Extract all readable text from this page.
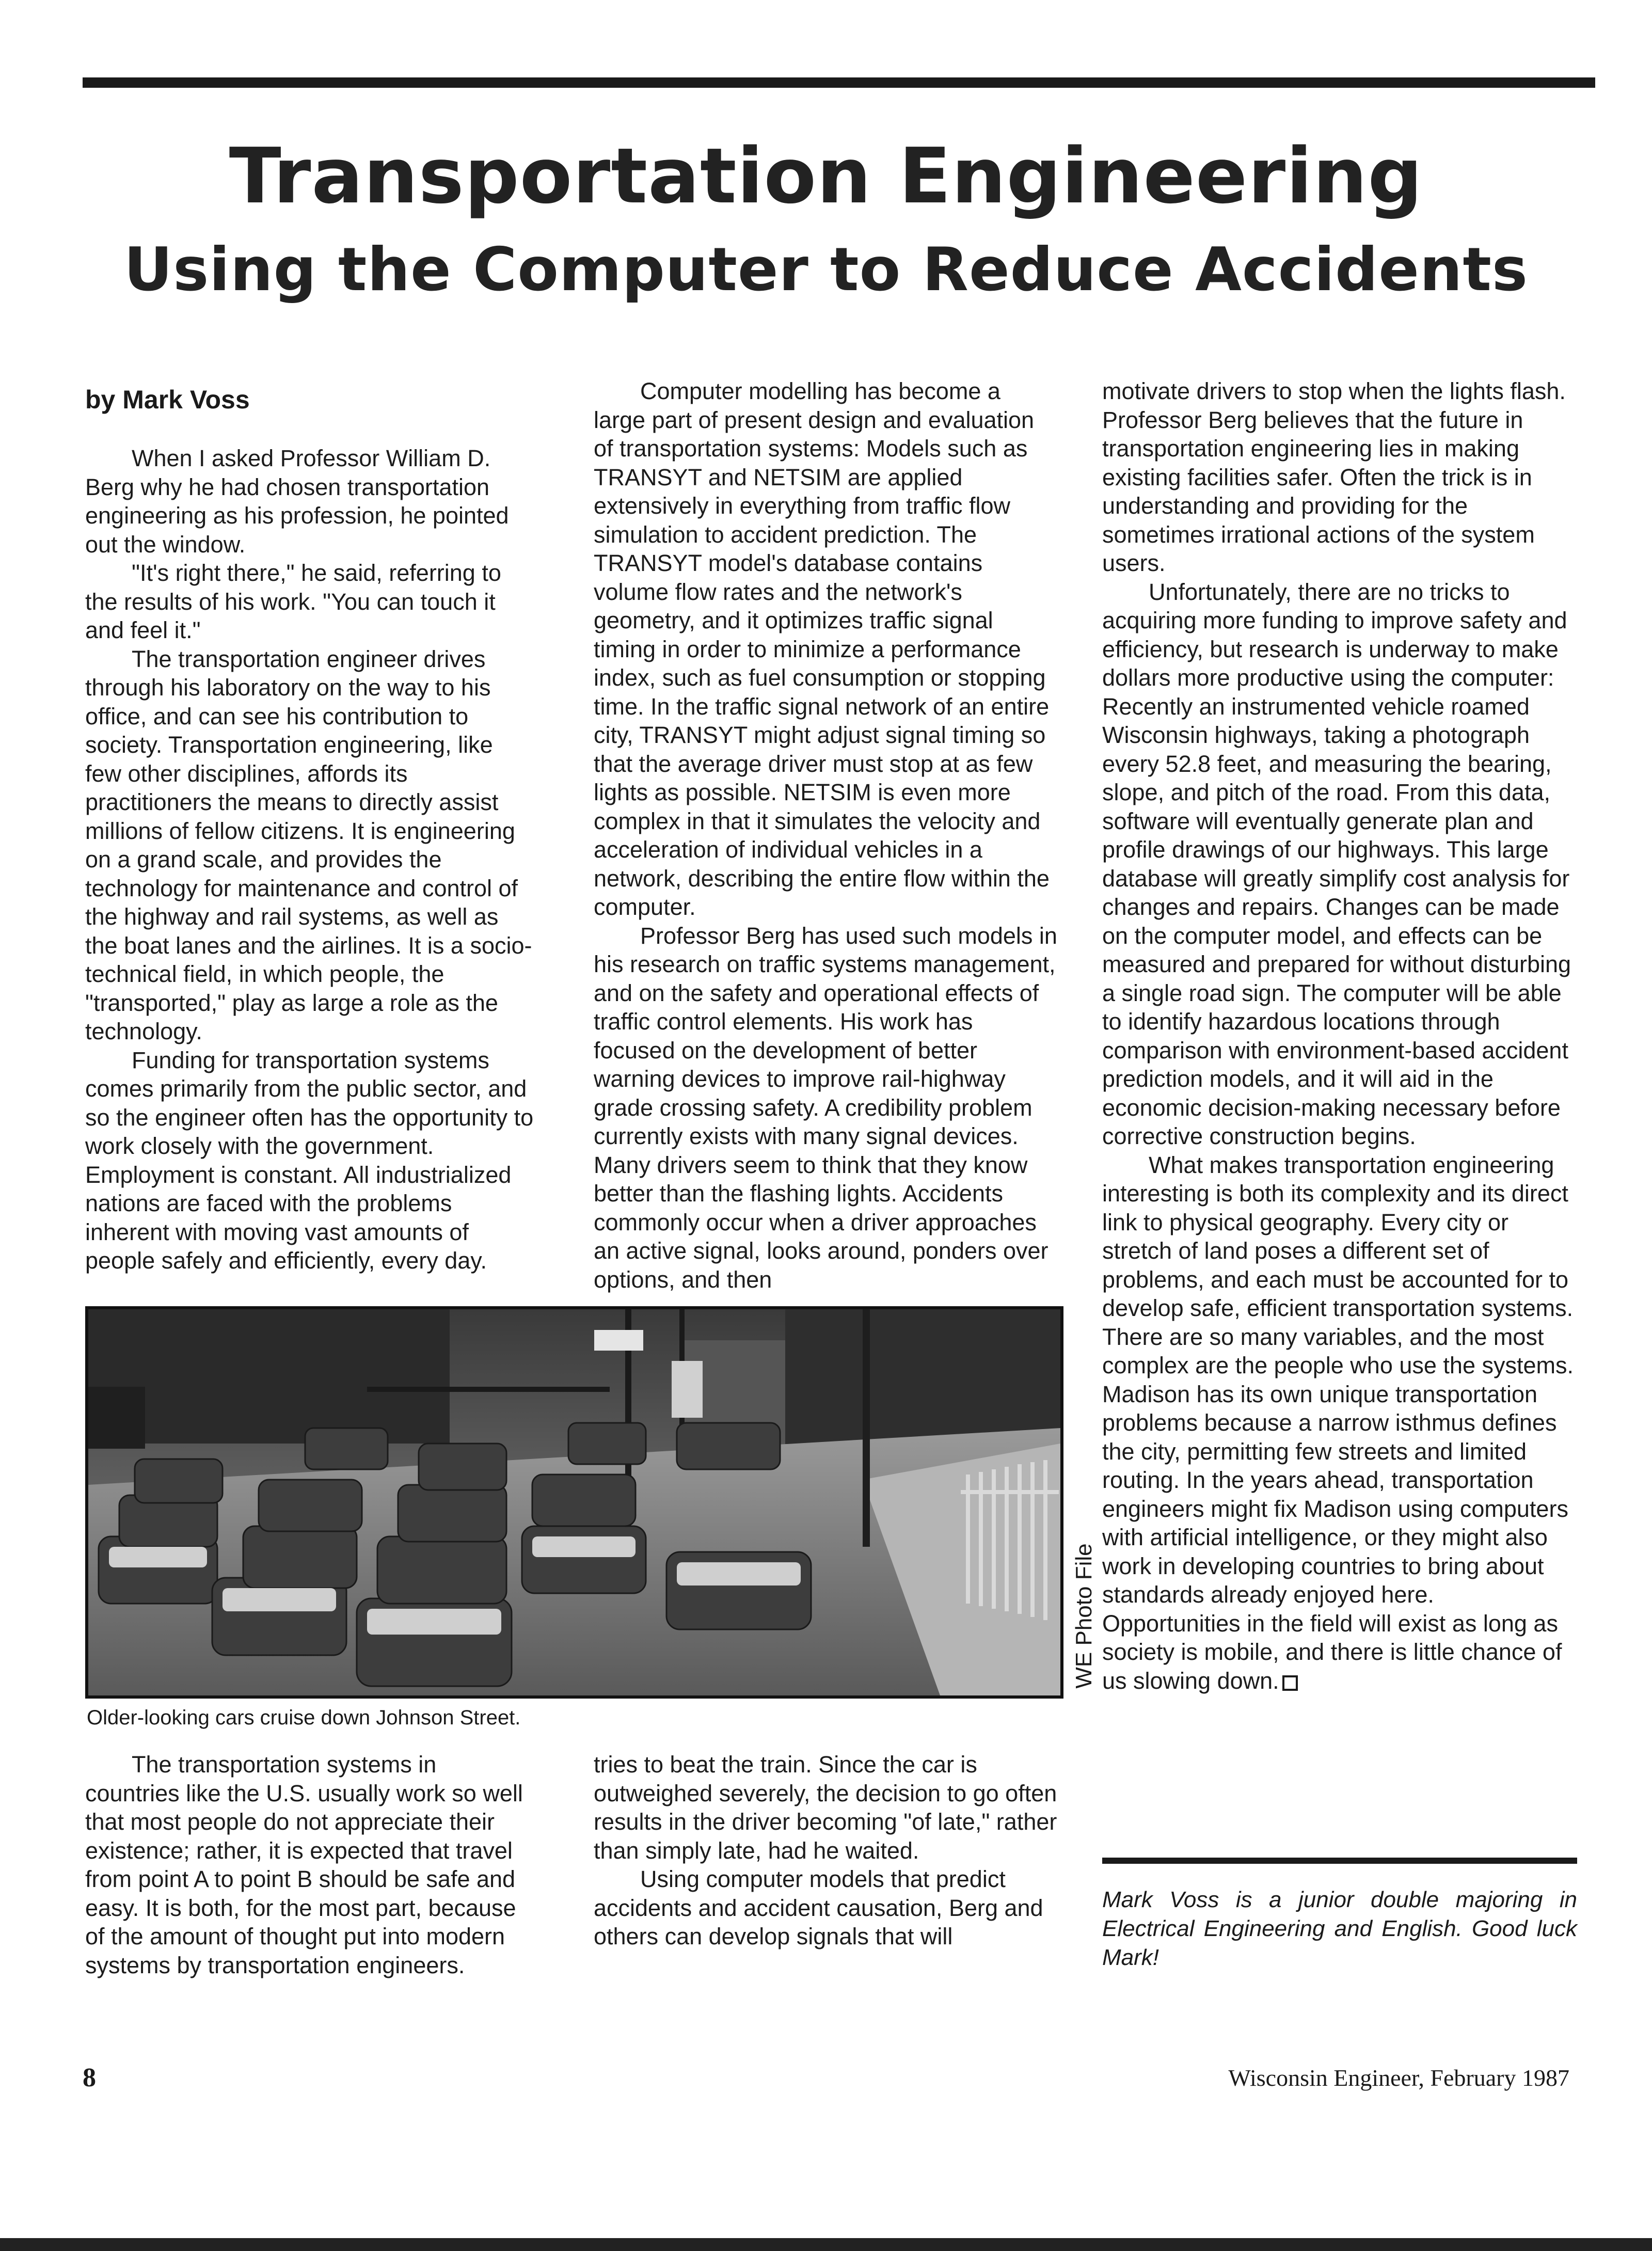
Transportation Engineering
Using the Computer to Reduce Accidents

by Mark Voss

When I asked Professor William D. Berg why he had chosen transportation engineering as his profession, he pointed out the window.

"It's right there," he said, referring to the results of his work. "You can touch it and feel it."

The transportation engineer drives through his laboratory on the way to his office, and can see his contribution to society. Transportation engineering, like few other disciplines, affords its practitioners the means to directly assist millions of fellow citizens. It is engineering on a grand scale, and provides the technology for maintenance and control of the highway and rail systems, as well as the boat lanes and the airlines. It is a socio-technical field, in which people, the "transported," play as large a role as the technology.

Funding for transportation systems comes primarily from the public sector, and so the engineer often has the opportunity to work closely with the government. Employment is constant. All industrialized nations are faced with the problems inherent with moving vast amounts of people safely and efficiently, every day.

Computer modelling has become a large part of present design and evaluation of transportation systems: Models such as TRANSYT and NETSIM are applied extensively in everything from traffic flow simulation to accident prediction. The TRANSYT model's database contains volume flow rates and the network's geometry, and it optimizes traffic signal timing in order to minimize a performance index, such as fuel consumption or stopping time. In the traffic signal network of an entire city, TRANSYT might adjust signal timing so that the average driver must stop at as few lights as possible. NETSIM is even more complex in that it simulates the velocity and acceleration of individual vehicles in a network, describing the entire flow within the computer.

Professor Berg has used such models in his research on traffic systems management, and on the safety and operational effects of traffic control elements. His work has focused on the development of better warning devices to improve rail-highway grade crossing safety. A credibility problem currently exists with many signal devices. Many drivers seem to think that they know better than the flashing lights. Accidents commonly occur when a driver approaches an active signal, looks around, ponders over options, and then

WE Photo File

Older-looking cars cruise down Johnson Street.

The transportation systems in countries like the U.S. usually work so well that most people do not appreciate their existence; rather, it is expected that travel from point A to point B should be safe and easy. It is both, for the most part, because of the amount of thought put into modern systems by transportation engineers.

tries to beat the train. Since the car is outweighed severely, the decision to go often results in the driver becoming "of late," rather than simply late, had he waited.

Using computer models that predict accidents and accident causation, Berg and others can develop signals that will

motivate drivers to stop when the lights flash. Professor Berg believes that the future in transportation engineering lies in making existing facilities safer. Often the trick is in understanding and providing for the sometimes irrational actions of the system users.

Unfortunately, there are no tricks to acquiring more funding to improve safety and efficiency, but research is underway to make dollars more productive using the computer: Recently an instrumented vehicle roamed Wisconsin highways, taking a photograph every 52.8 feet, and measuring the bearing, slope, and pitch of the road. From this data, software will eventually generate plan and profile drawings of our highways. This large database will greatly simplify cost analysis for changes and repairs. Changes can be made on the computer model, and effects can be measured and prepared for without disturbing a single road sign. The computer will be able to identify hazardous locations through comparison with environment-based accident prediction models, and it will aid in the economic decision-making necessary before corrective construction begins.

What makes transportation engineering interesting is both its complexity and its direct link to physical geography. Every city or stretch of land poses a different set of problems, and each must be accounted for to develop safe, efficient transportation systems. There are so many variables, and the most complex are the people who use the systems. Madison has its own unique transportation problems because a narrow isthmus defines the city, permitting few streets and limited routing. In the years ahead, transportation engineers might fix Madison using computers with artificial intelligence, or they might also work in developing countries to bring about standards already enjoyed here. Opportunities in the field will exist as long as society is mobile, and there is little chance of us slowing down.

Mark Voss is a junior double majoring in Electrical Engineering and English. Good luck Mark!

8	Wisconsin Engineer, February 1987
